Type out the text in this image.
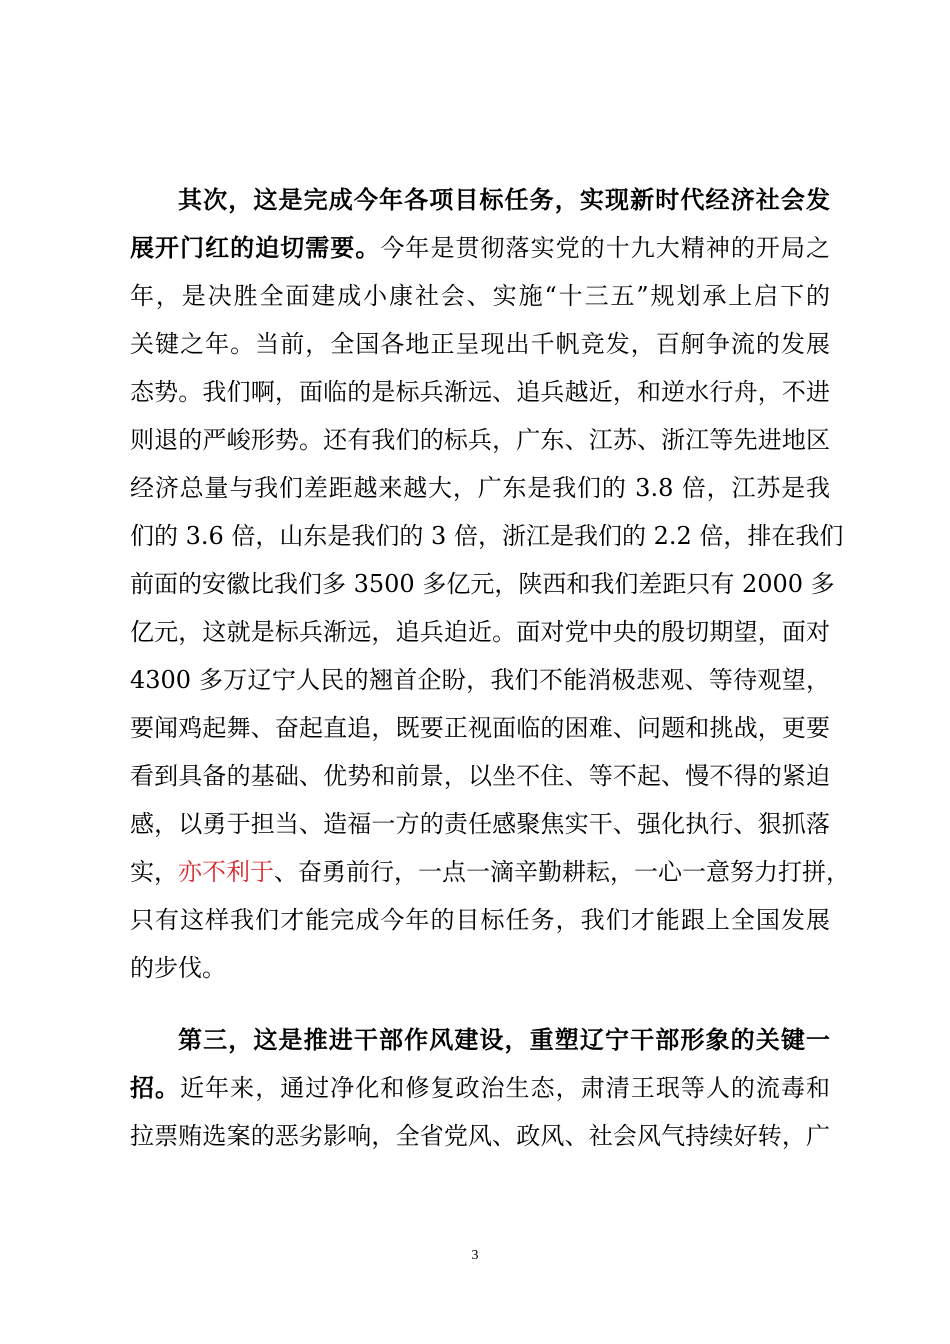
其次，这是完成今年各项目标任务，实现新时代经济社会发
展开门红的迫切需要。今年是贯彻落实党的十九大精神的开局之
年，是决胜全面建成小康社会、实施“十三五”规划承上启下的
关键之年。当前，全国各地正呈现出千帆竞发，百舸争流的发展
态势。我们啊，面临的是标兵渐远、追兵越近，和逆水行舟，不进
则退的严峻形势。还有我们的标兵，广东、江苏、浙江等先进地区
经济总量与我们差距越来越大，广东是我们的 3.8 倍，江苏是我
们的 3.6 倍，山东是我们的 3 倍，浙江是我们的 2.2 倍，排在我们
前面的安徽比我们多 3500 多亿元，陕西和我们差距只有 2000 多
亿元，这就是标兵渐远，追兵迫近。面对党中央的殷切期望，面对
4300 多万辽宁人民的翘首企盼，我们不能消极悲观、等待观望，
要闻鸡起舞、奋起直追，既要正视面临的困难、问题和挑战，更要
看到具备的基础、优势和前景，以坐不住、等不起、慢不得的紧迫
感，以勇于担当、造福一方的责任感聚焦实干、强化执行、狠抓落
实，亦不利于、奋勇前行，一点一滴辛勤耕耘，一心一意努力打拼，
只有这样我们才能完成今年的目标任务，我们才能跟上全国发展
的步伐。
第三，这是推进干部作风建设，重塑辽宁干部形象的关键一
招。近年来，通过净化和修复政治生态，肃清王珉等人的流毒和
拉票贿选案的恶劣影响，全省党风、政风、社会风气持续好转，广
3
